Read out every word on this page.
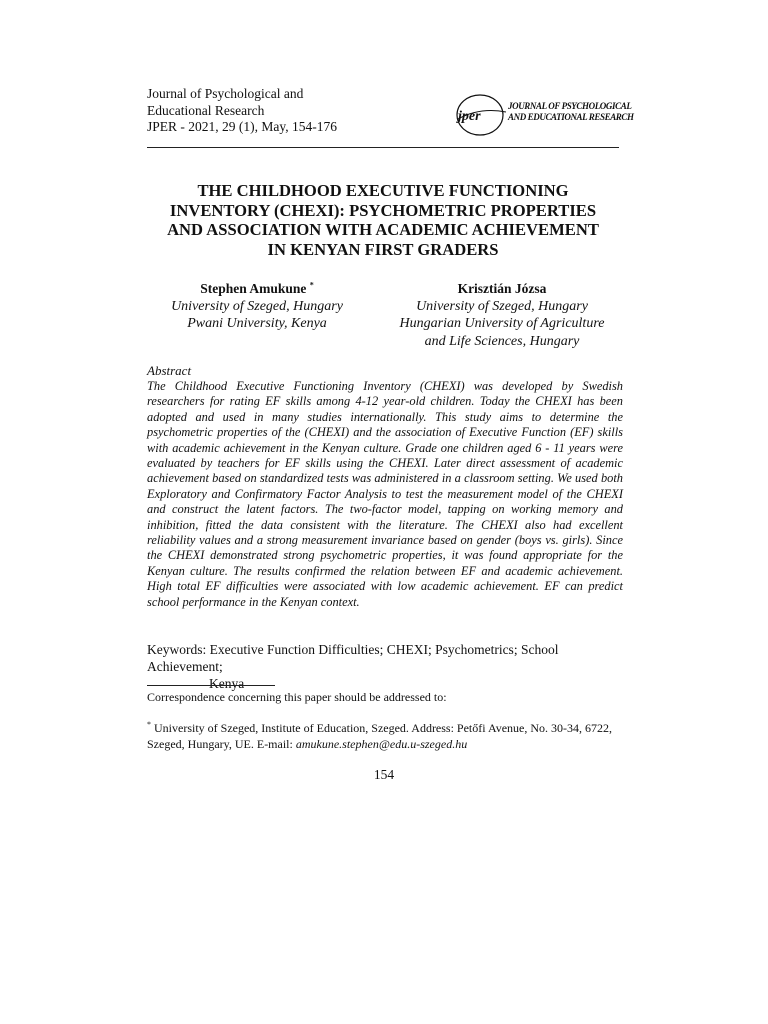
Journal of Psychological and
Educational Research
JPER - 2021, 29 (1), May, 154-176
jper
JOURNAL OF PSYCHOLOGICAL
AND EDUCATIONAL RESEARCH
THE CHILDHOOD EXECUTIVE FUNCTIONING
INVENTORY (CHEXI): PSYCHOMETRIC PROPERTIES
AND ASSOCIATION WITH ACADEMIC ACHIEVEMENT
IN KENYAN FIRST GRADERS
Stephen Amukune *
University of Szeged, Hungary
Pwani University, Kenya
Krisztián Józsa
University of Szeged, Hungary
Hungarian University of Agriculture
and Life Sciences, Hungary
Abstract
The Childhood Executive Functioning Inventory (CHEXI) was developed by Swedish researchers for rating EF skills among 4-12 year-old children. Today the CHEXI has been adopted and used in many studies internationally. This study aims to determine the psychometric properties of the (CHEXI) and the association of Executive Function (EF) skills with academic achievement in the Kenyan culture. Grade one children aged 6 - 11 years were evaluated by teachers for EF skills using the CHEXI. Later direct assessment of academic achievement based on standardized tests was administered in a classroom setting. We used both Exploratory and Confirmatory Factor Analysis to test the measurement model of the CHEXI and construct the latent factors. The two-factor model, tapping on working memory and inhibition, fitted the data consistent with the literature. The CHEXI also had excellent reliability values and a strong measurement invariance based on gender (boys vs. girls). Since the CHEXI demonstrated strong psychometric properties, it was found appropriate for the Kenyan culture. The results confirmed the relation between EF and academic achievement. High total EF difficulties were associated with low academic achievement. EF can predict school performance in the Kenyan context.
Keywords: Executive Function Difficulties; CHEXI; Psychometrics; School Achievement;
Kenya
Correspondence concerning this paper should be addressed to:
* University of Szeged, Institute of Education, Szeged. Address: Petőfi Avenue, No. 30-34, 6722, Szeged, Hungary, UE. E-mail: amukune.stephen@edu.u-szeged.hu
154
